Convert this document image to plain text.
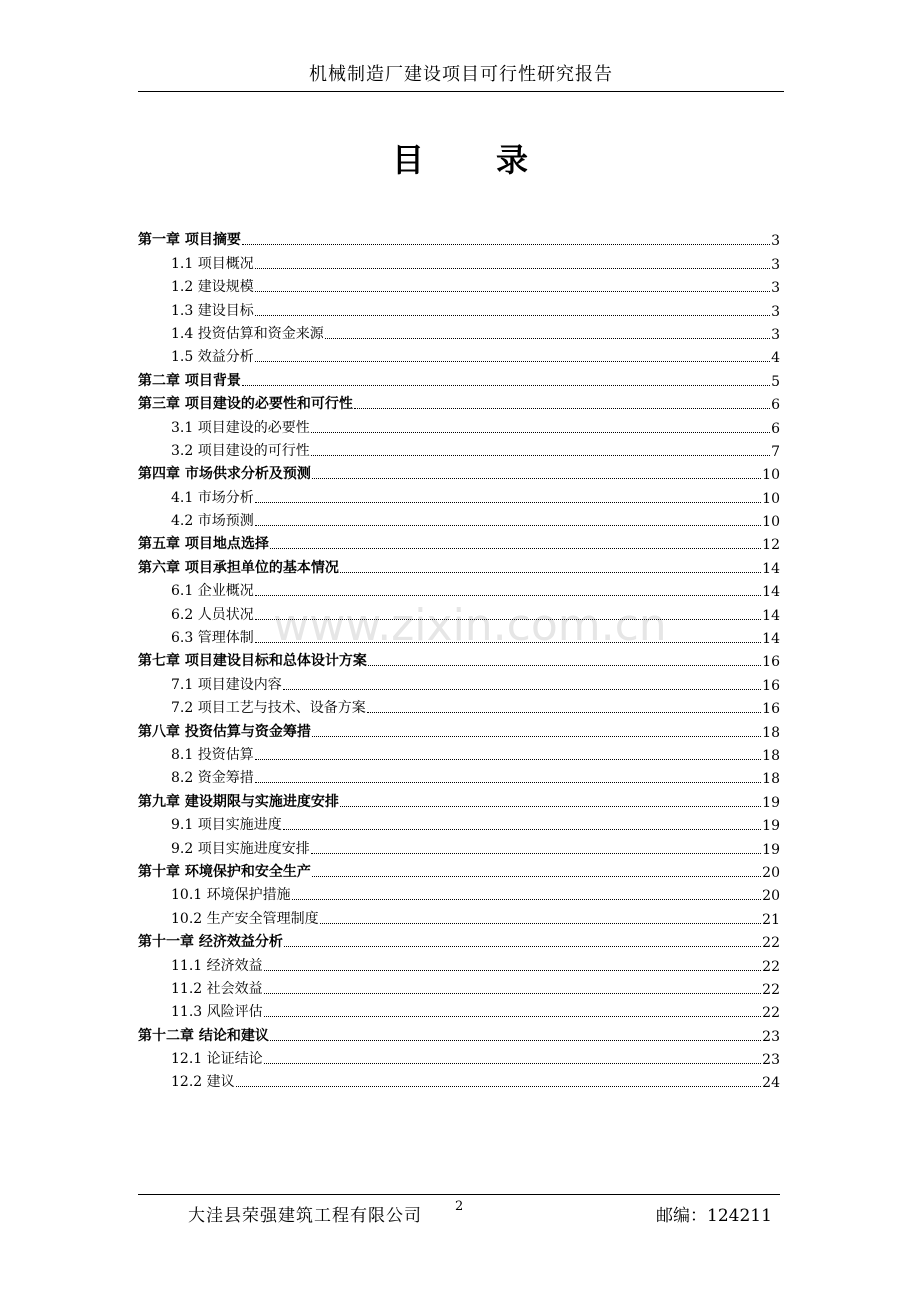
机械制造厂建设项目可行性研究报告
目录
www.zixin.com.cn
第一章 项目摘要	3
1.1 项目概况	3
1.2 建设规模	3
1.3 建设目标	3
1.4 投资估算和资金来源	3
1.5 效益分析	4
第二章 项目背景	5
第三章 项目建设的必要性和可行性	6
3.1 项目建设的必要性	6
3.2 项目建设的可行性	7
第四章 市场供求分析及预测	10
4.1 市场分析	10
4.2 市场预测	10
第五章 项目地点选择	12
第六章 项目承担单位的基本情况	14
6.1 企业概况	14
6.2 人员状况	14
6.3 管理体制	14
第七章 项目建设目标和总体设计方案	16
7.1 项目建设内容	16
7.2 项目工艺与技术、设备方案	16
第八章 投资估算与资金筹措	18
8.1 投资估算	18
8.2 资金筹措	18
第九章 建设期限与实施进度安排	19
9.1 项目实施进度	19
9.2 项目实施进度安排	19
第十章 环境保护和安全生产	20
10.1 环境保护措施	20
10.2 生产安全管理制度	21
第十一章 经济效益分析	22
11.1 经济效益	22
11.2 社会效益	22
11.3 风险评估	22
第十二章 结论和建议	23
12.1 论证结论	23
12.2 建议	24
大洼县荣强建筑工程有限公司	2	邮编：124211
